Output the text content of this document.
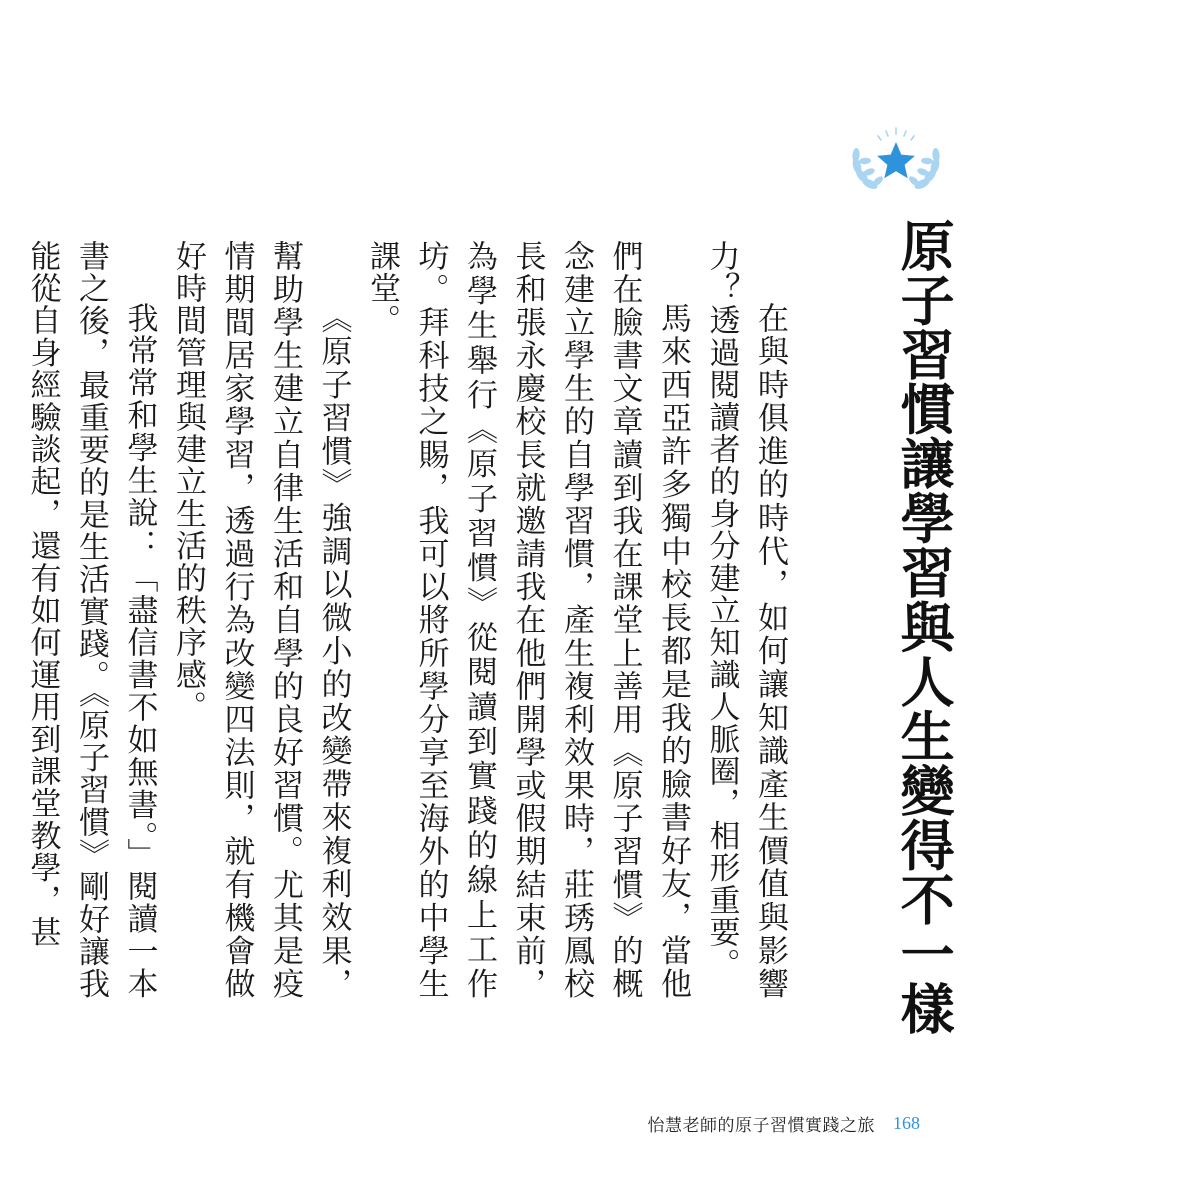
原子習慣讓學習與人生變得不一樣

在與時俱進的時代，如何讓知識產生價值與影響力？透過閱讀者的身分建立知識人脈圈，相形重要。

馬來西亞許多獨中校長都是我的臉書好友，當他們在臉書文章讀到我在課堂上善用《原子習慣》的概念建立學生的自學習慣，產生複利效果時，莊琇鳳校長和張永慶校長就邀請我在他們開學或假期結束前，為學生舉行《原子習慣》從閱讀到實踐的線上工作坊。拜科技之賜，我可以將所學分享至海外的中學生課堂。

《原子習慣》強調以微小的改變帶來複利效果，幫助學生建立自律生活和自學的良好習慣。尤其是疫情期間居家學習，透過行為改變四法則，就有機會做好時間管理與建立生活的秩序感。

我常常和學生說：「盡信書不如無書。」閱讀一本書之後，最重要的是生活實踐。《原子習慣》剛好讓我能從自身經驗談起，還有如何運用到課堂教學，甚

怡慧老師的原子習慣實踐之旅 168
